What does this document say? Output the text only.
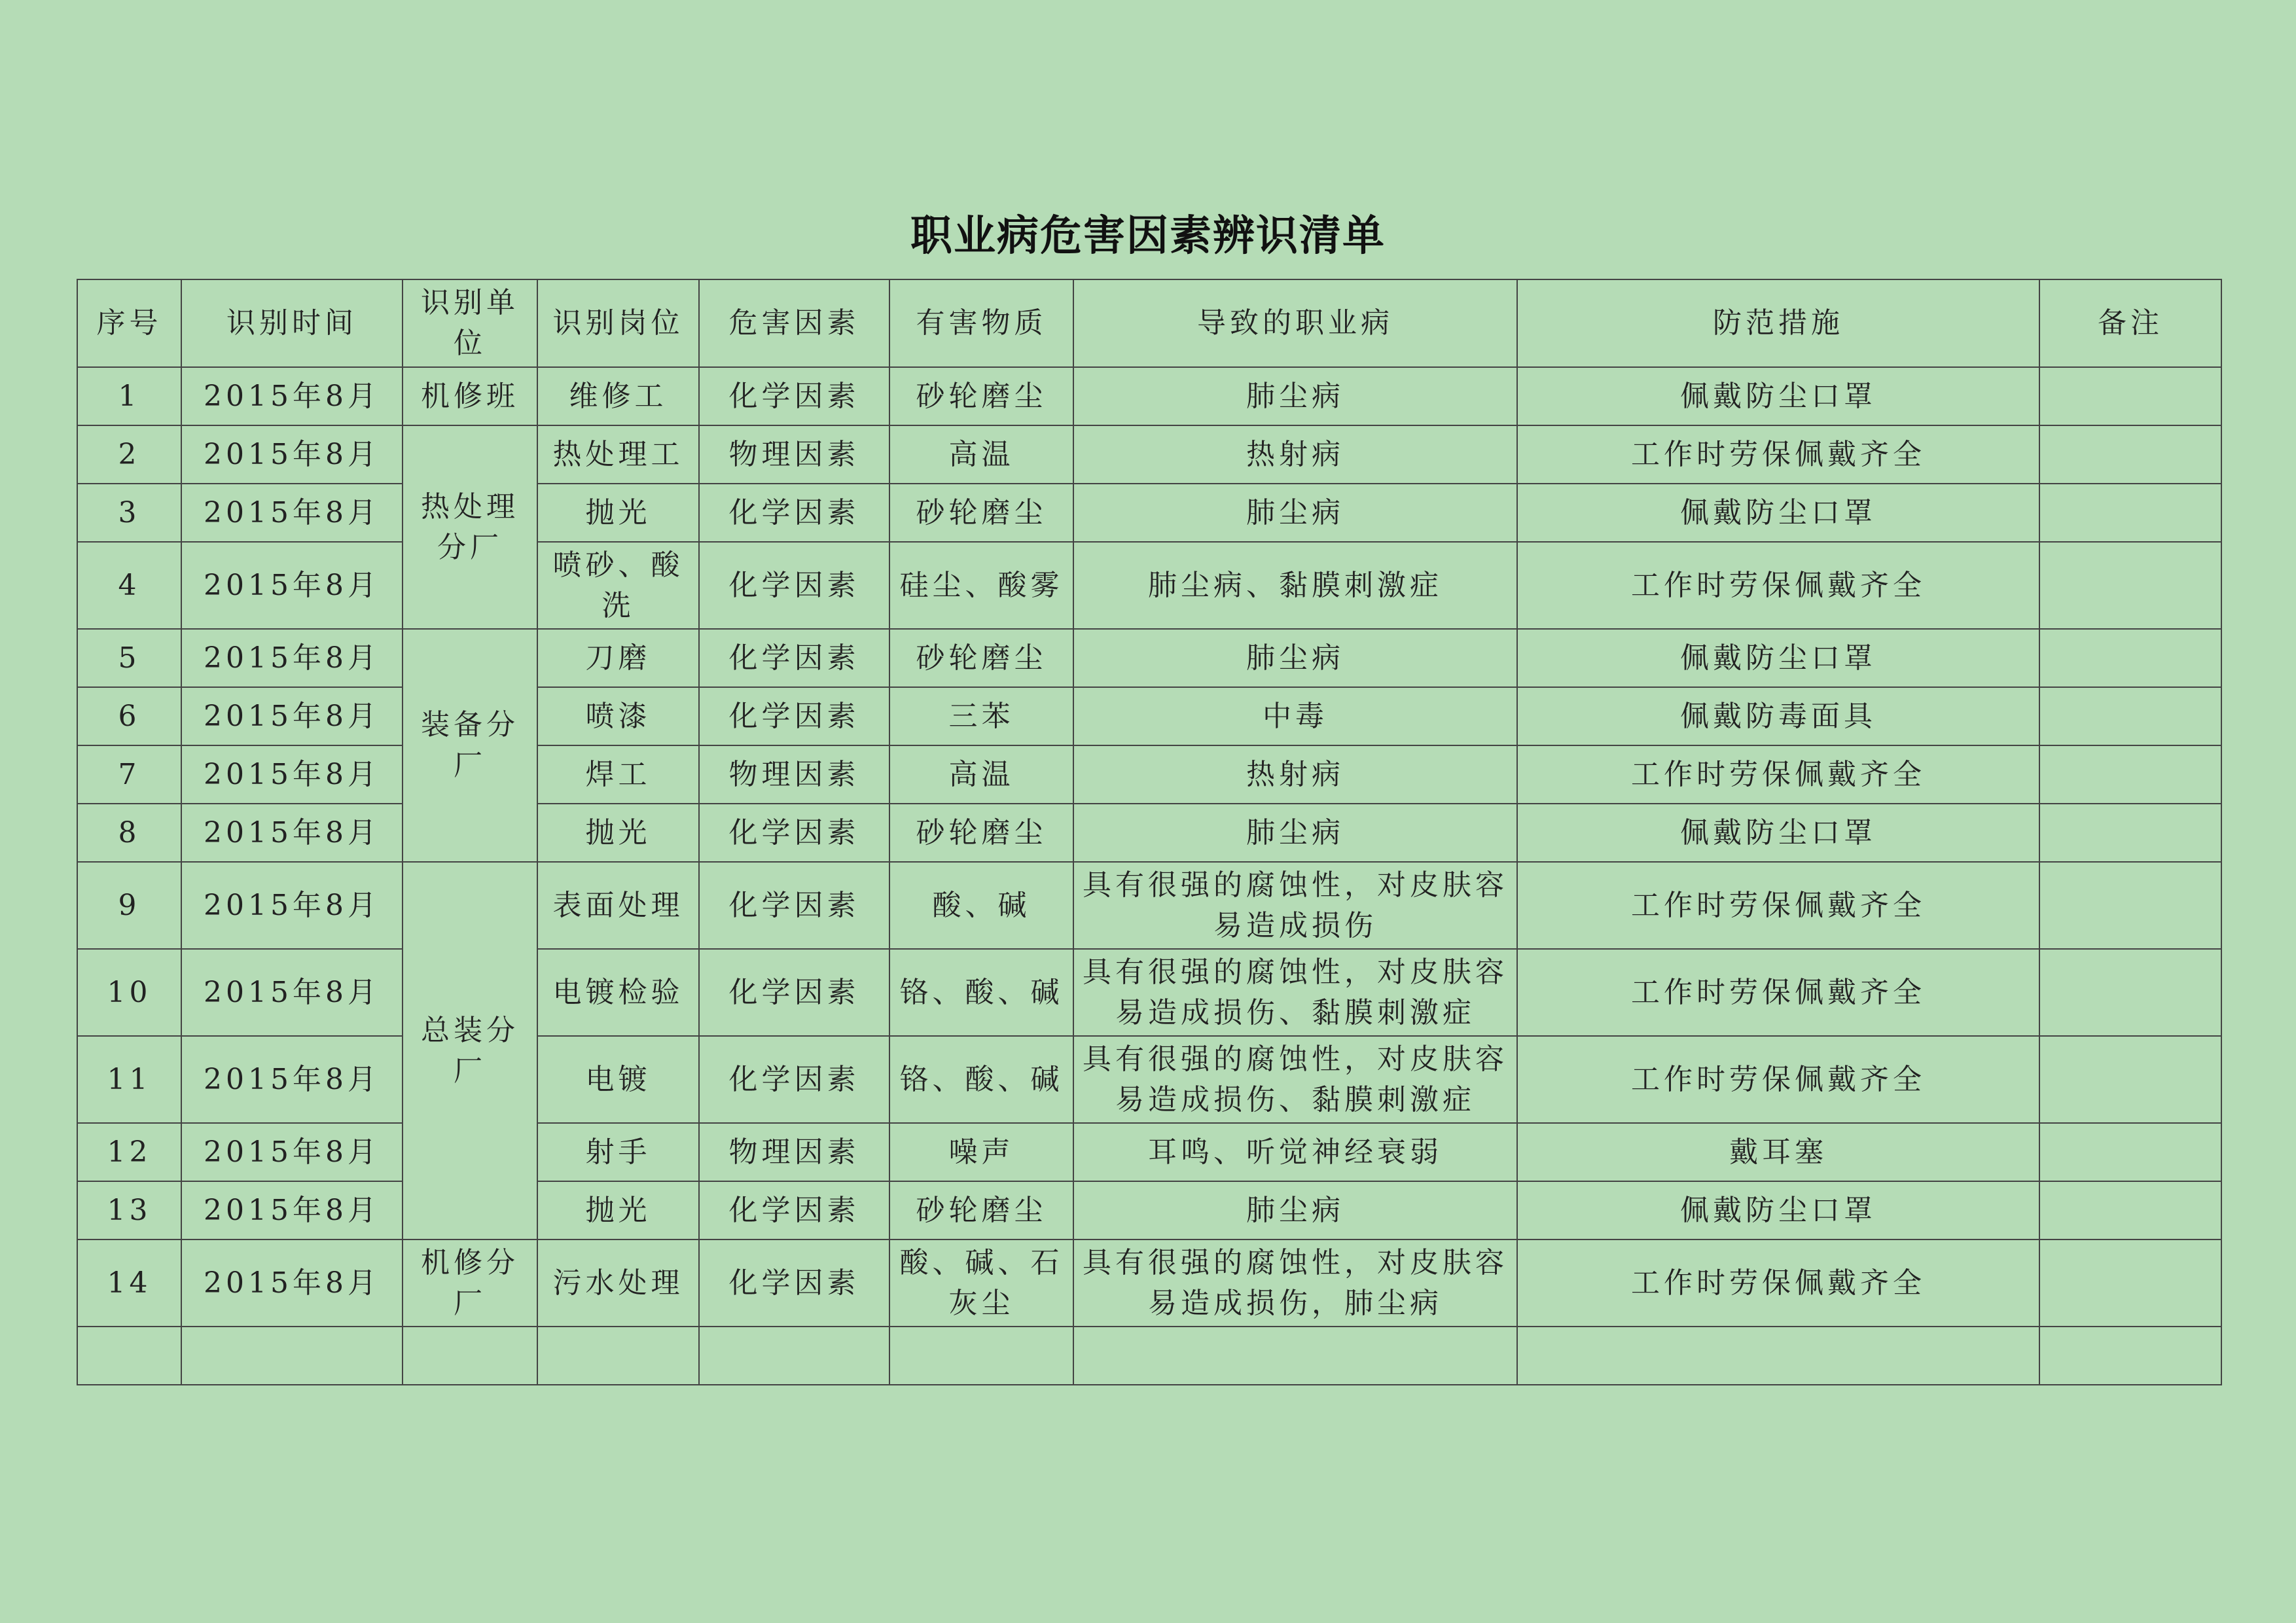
职业病危害因素辨识清单
序号	识别时间	识别单位	识别岗位	危害因素	有害物质	导致的职业病	防范措施	备注
1	2015年8月	机修班	维修工	化学因素	砂轮磨尘	肺尘病	佩戴防尘口罩	
2	2015年8月	热处理分厂	热处理工	物理因素	高温	热射病	工作时劳保佩戴齐全	
3	2015年8月		抛光	化学因素	砂轮磨尘	肺尘病	佩戴防尘口罩	
4	2015年8月		喷砂、酸洗	化学因素	硅尘、酸雾	肺尘病、黏膜刺激症	工作时劳保佩戴齐全	
5	2015年8月	装备分厂	刀磨	化学因素	砂轮磨尘	肺尘病	佩戴防尘口罩	
6	2015年8月		喷漆	化学因素	三苯	中毒	佩戴防毒面具	
7	2015年8月		焊工	物理因素	高温	热射病	工作时劳保佩戴齐全	
8	2015年8月		抛光	化学因素	砂轮磨尘	肺尘病	佩戴防尘口罩	
9	2015年8月	总装分厂	表面处理	化学因素	酸、碱	具有很强的腐蚀性，对皮肤容易造成损伤	工作时劳保佩戴齐全	
10	2015年8月		电镀检验	化学因素	铬、酸、碱	具有很强的腐蚀性，对皮肤容易造成损伤、黏膜刺激症	工作时劳保佩戴齐全	
11	2015年8月		电镀	化学因素	铬、酸、碱	具有很强的腐蚀性，对皮肤容易造成损伤、黏膜刺激症	工作时劳保佩戴齐全	
12	2015年8月		射手	物理因素	噪声	耳鸣、听觉神经衰弱	戴耳塞	
13	2015年8月		抛光	化学因素	砂轮磨尘	肺尘病	佩戴防尘口罩	
14	2015年8月	机修分厂	污水处理	化学因素	酸、碱、石灰尘	具有很强的腐蚀性，对皮肤容易造成损伤，肺尘病	工作时劳保佩戴齐全	
